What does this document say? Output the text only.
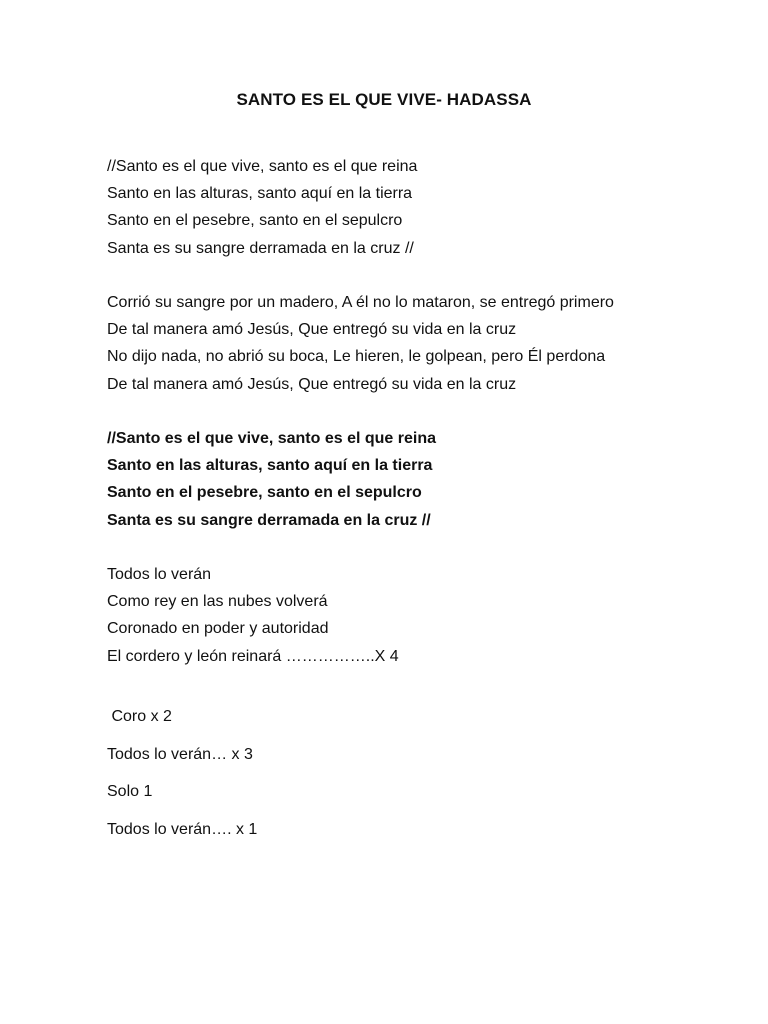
SANTO ES EL QUE VIVE- HADASSA
//Santo es el que vive, santo es el que reina
Santo en las alturas, santo aquí en la tierra
Santo en el pesebre, santo en el sepulcro
Santa es su sangre derramada en la cruz //
Corrió su sangre por un madero, A él no lo mataron, se entregó primero
De tal manera amó Jesús, Que entregó su vida en la cruz
No dijo nada, no abrió su boca, Le hieren, le golpean, pero Él perdona
De tal manera amó Jesús, Que entregó su vida en la cruz
//Santo es el que vive, santo es el que reina
Santo en las alturas, santo aquí en la tierra
Santo en el pesebre, santo en el sepulcro
Santa es su sangre derramada en la cruz //
Todos lo verán
Como rey en las nubes volverá
Coronado en poder y autoridad
El cordero y león reinará ……………..X 4
Coro x 2
Todos lo verán… x 3
Solo 1
Todos lo verán…. x 1
